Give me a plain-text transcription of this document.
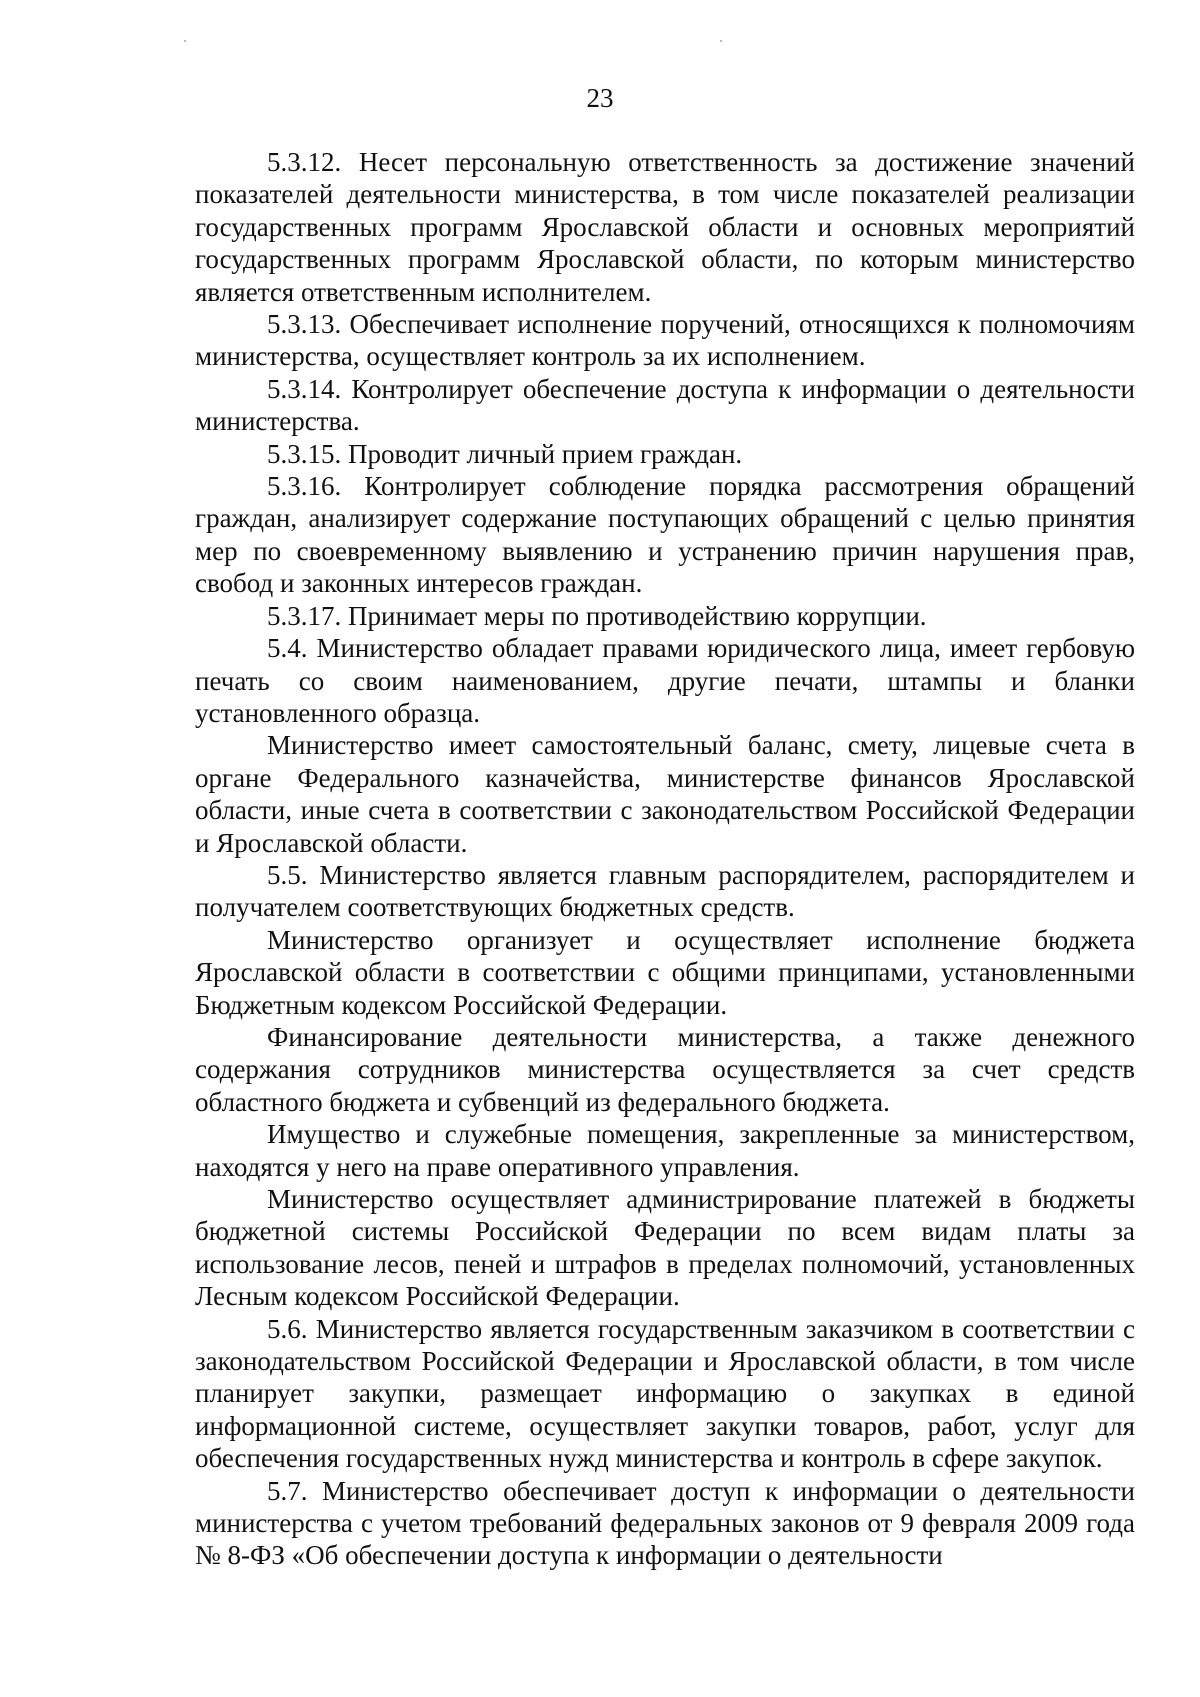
23

5.3.12. Несет персональную ответственность за достижение значений показателей деятельности министерства, в том числе показателей реализации государственных программ Ярославской области и основных мероприятий государственных программ Ярославской области, по которым министерство является ответственным исполнителем.

5.3.13. Обеспечивает исполнение поручений, относящихся к полномочиям министерства, осуществляет контроль за их исполнением.

5.3.14. Контролирует обеспечение доступа к информации о деятельности министерства.

5.3.15. Проводит личный прием граждан.

5.3.16. Контролирует соблюдение порядка рассмотрения обращений граждан, анализирует содержание поступающих обращений с целью принятия мер по своевременному выявлению и устранению причин нарушения прав, свобод и законных интересов граждан.

5.3.17. Принимает меры по противодействию коррупции.

5.4. Министерство обладает правами юридического лица, имеет гербовую печать со своим наименованием, другие печати, штампы и бланки установленного образца.

Министерство имеет самостоятельный баланс, смету, лицевые счета в органе Федерального казначейства, министерстве финансов Ярославской области, иные счета в соответствии с законодательством Российской Федерации и Ярославской области.

5.5. Министерство является главным распорядителем, распорядителем и получателем соответствующих бюджетных средств.

Министерство организует и осуществляет исполнение бюджета Ярославской области в соответствии с общими принципами, установленными Бюджетным кодексом Российской Федерации.

Финансирование деятельности министерства, а также денежного содержания сотрудников министерства осуществляется за счет средств областного бюджета и субвенций из федерального бюджета.

Имущество и служебные помещения, закрепленные за министерством, находятся у него на праве оперативного управления.

Министерство осуществляет администрирование платежей в бюджеты бюджетной системы Российской Федерации по всем видам платы за использование лесов, пеней и штрафов в пределах полномочий, установленных Лесным кодексом Российской Федерации.

5.6. Министерство является государственным заказчиком в соответствии с законодательством Российской Федерации и Ярославской области, в том числе планирует закупки, размещает информацию о закупках в единой информационной системе, осуществляет закупки товаров, работ, услуг для обеспечения государственных нужд министерства и контроль в сфере закупок.

5.7. Министерство обеспечивает доступ к информации о деятельности министерства с учетом требований федеральных законов от 9 февраля 2009 года № 8-ФЗ «Об обеспечении доступа к информации о деятельности
